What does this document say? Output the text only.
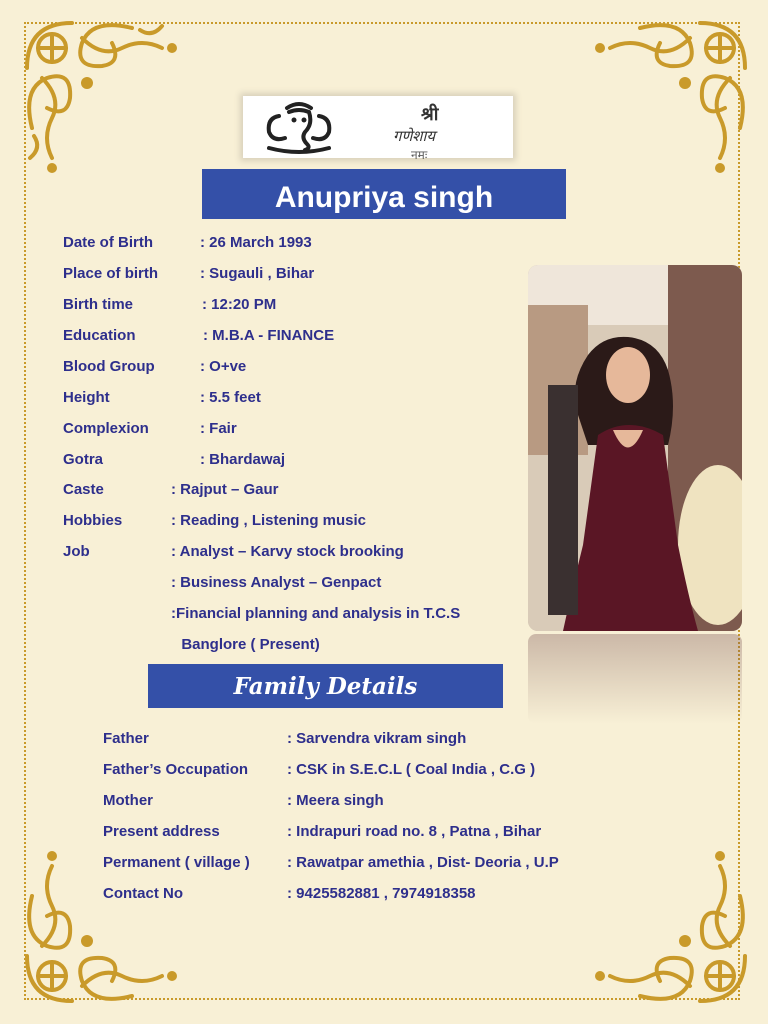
श्री
गणेशाय
नमः
Anupriya singh
Date of Birth	: 26 March 1993
Place of birth	: Sugauli , Bihar
Birth time	: 12:20 PM
Education	: M.B.A - FINANCE
Blood Group	: O+ve
Height	: 5.5 feet
Complexion	: Fair
Gotra	: Bhardawaj
Caste	: Rajput – Gaur
Hobbies	: Reading , Listening music
Job	: Analyst – Karvy stock brooking
: Business Analyst – Genpact
:Financial planning and analysis in T.C.S
Banglore ( Present)
Family Details
Father	: Sarvendra vikram singh
Father’s Occupation	: CSK in S.E.C.L ( Coal India , C.G )
Mother	: Meera singh
Present address	: Indrapuri road no. 8 , Patna , Bihar
Permanent ( village ) : Rawatpar amethia , Dist- Deoria , U.P
Contact No	: 9425582881 , 7974918358
